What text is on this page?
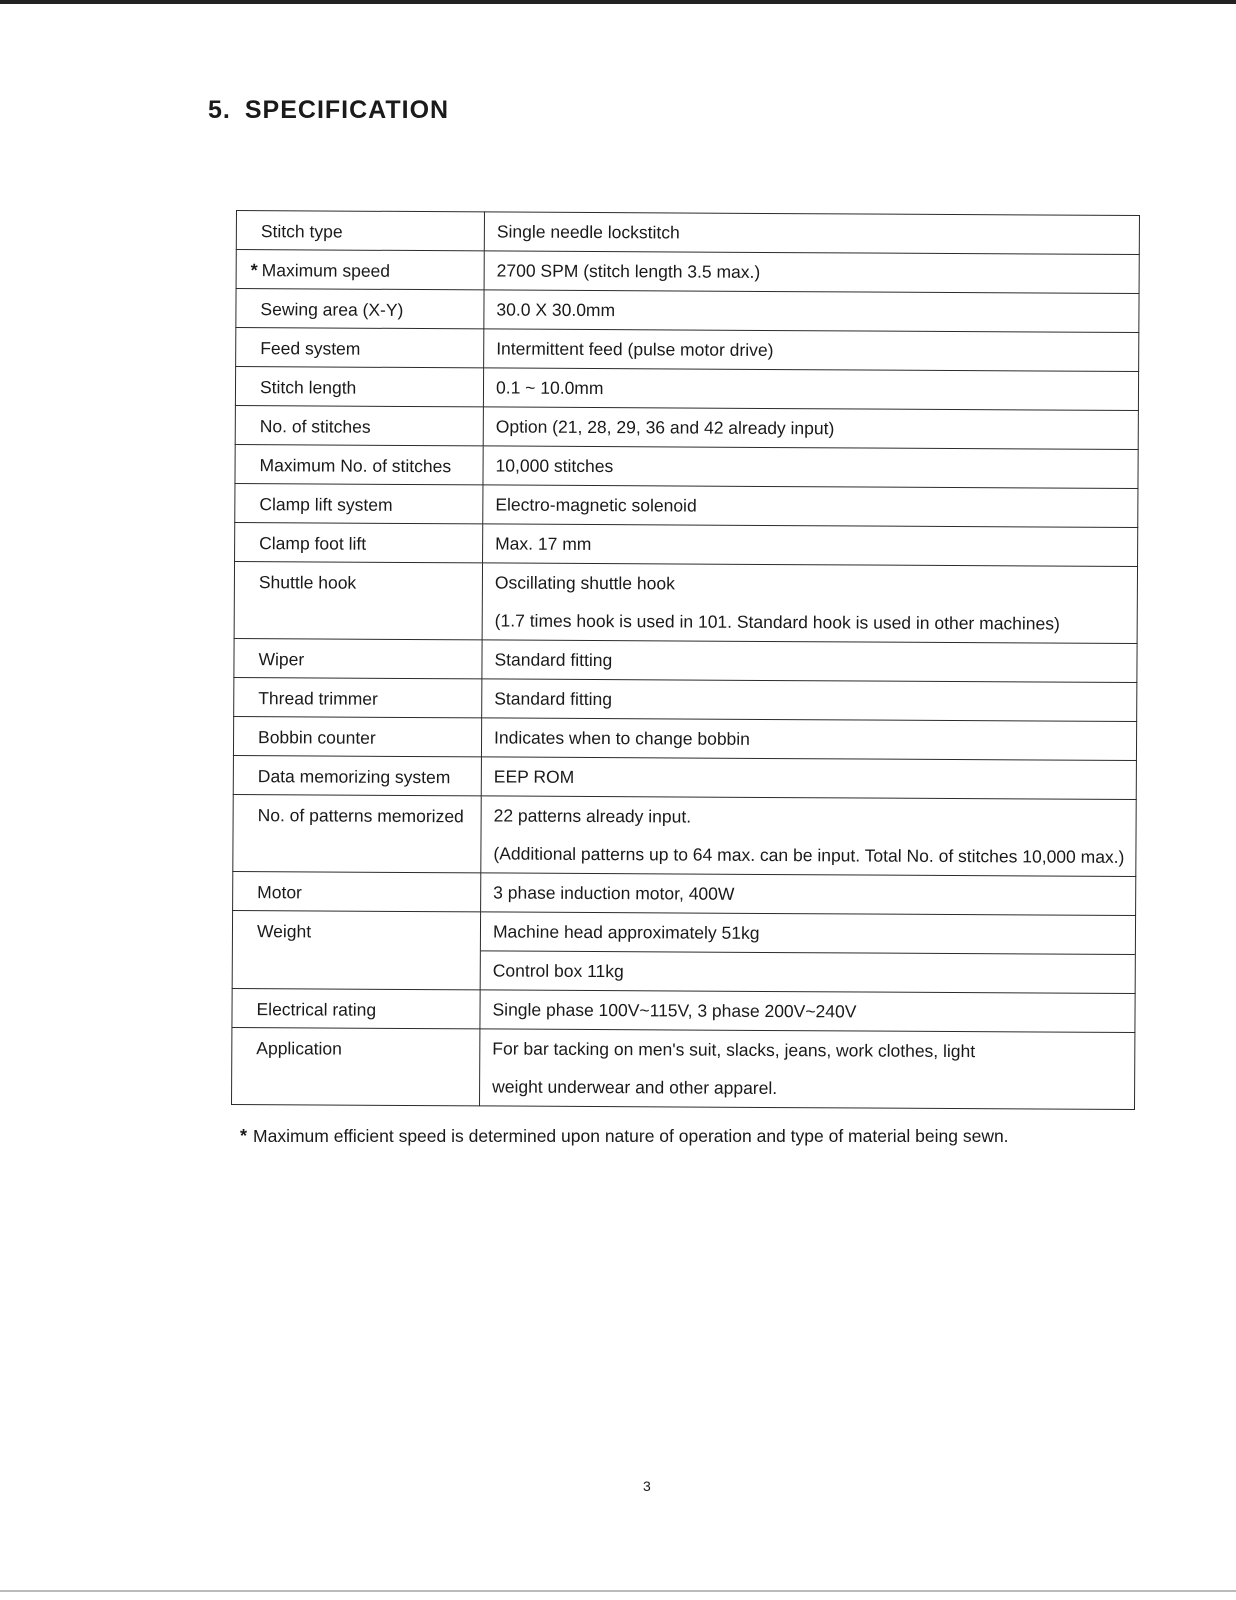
5. SPECIFICATION
Stitch type	Single needle lockstitch

* Maximum speed	2700 SPM (stitch length 3.5 max.)

Sewing area (X-Y)	30.0 X 30.0mm

Feed system	Intermittent feed (pulse motor drive)

Stitch length	0.1 ~ 10.0mm

No. of stitches	Option (21, 28, 29, 36 and 42 already input)

Maximum No. of stitches	10,000 stitches

Clamp lift system	Electro-magnetic solenoid

Clamp foot lift	Max. 17 mm

Shuttle hook	Oscillating shuttle hook
(1.7 times hook is used in 101. Standard hook is used in other machines)

Wiper	Standard fitting

Thread trimmer	Standard fitting

Bobbin counter	Indicates when to change bobbin

Data memorizing system	EEP ROM

No. of patterns memorized	22 patterns already input.
(Additional patterns up to 64 max. can be input. Total No. of stitches 10,000 max.)

Motor	3 phase induction motor, 400W

Weight	Machine head approximately 51kg
Control box 11kg

Electrical rating	Single phase 100V~115V, 3 phase 200V~240V

Application	For bar tacking on men's suit, slacks, jeans, work clothes, light
weight underwear and other apparel.
* Maximum efficient speed is determined upon nature of operation and type of material being sewn.
3
